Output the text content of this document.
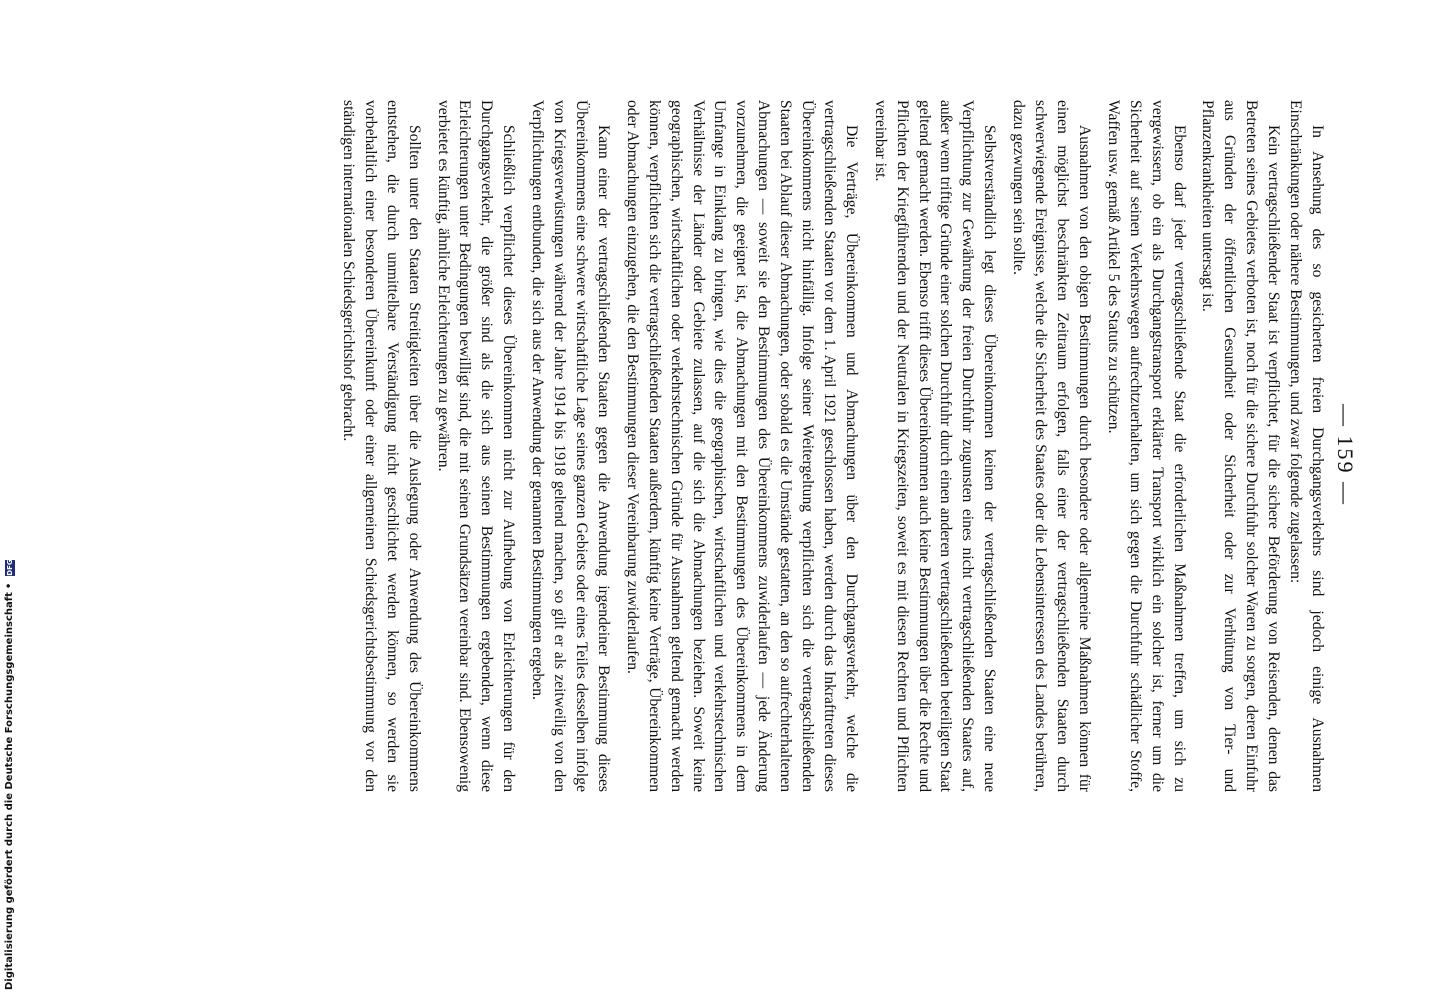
— 159 —

In Ansehung des so gesicherten freien Durchgangsverkehrs sind jedoch einige Ausnahmen Einschränkungen oder nähere Bestimmungen, und zwar folgende zugelassen:

Kein vertragschließender Staat ist verpflichtet, für die sichere Beförderung von Reisenden, denen das Betreten seines Gebietes verboten ist, noch für die sichere Durchfuhr solcher Waren zu sorgen, deren Einfuhr aus Gründen der öffentlichen Gesundheit oder Sicherheit oder zur Verhütung von Tier- und Pflanzenkrankheiten untersagt ist.

Ebenso darf jeder vertragschließende Staat die erforderlichen Maßnahmen treffen, um sich zu vergewissern, ob ein als Durchgangstransport erklärter Transport wirklich ein solcher ist, ferner um die Sicherheit auf seinen Verkehrswegen aufrechtzuerhalten, um sich gegen die Durchfuhr schädlicher Stoffe, Waffen usw. gemäß Artikel 5 des Statuts zu schützen.

Ausnahmen von den obigen Bestimmungen durch besondere oder allgemeine Maßnahmen können für einen möglichst beschränkten Zeitraum erfolgen, falls einer der vertragschließenden Staaten durch schwerwiegende Ereignisse, welche die Sicherheit des Staates oder die Lebensinteressen des Landes berühren, dazu gezwungen sein sollte.

Selbstverständlich legt dieses Übereinkommen keinen der vertragschließenden Staaten eine neue Verpflichtung zur Gewährung der freien Durchfuhr zugunsten eines nicht vertragschließenden Staates auf, außer wenn triftige Gründe einer solchen Durchfuhr durch einen anderen vertragschließenden beteiligten Staat geltend gemacht werden. Ebenso trifft dieses Übereinkommen auch keine Bestimmungen über die Rechte und Pflichten der Kriegführenden und der Neutralen in Kriegszeiten, soweit es mit diesen Rechten und Pflichten vereinbar ist.

Die Verträge, Übereinkommen und Abmachungen über den Durchgangsverkehr, welche die vertragschließenden Staaten vor dem 1. April 1921 geschlossen haben, werden durch das Inkrafttreten dieses Übereinkommens nicht hinfällig. Infolge seiner Weitergeltung verpflichten sich die vertragschließenden Staaten bei Ablauf dieser Abmachungen, oder sobald es die Umstände gestatten, an den so aufrechterhaltenen Abmachungen — soweit sie den Bestimmungen des Übereinkommens zuwiderlaufen — jede Änderung vorzunehmen, die geeignet ist, die Abmachungen mit den Bestimmungen des Übereinkommens in dem Umfange in Einklang zu bringen, wie dies die geographischen, wirtschaftlichen und verkehrstechnischen Verhältnisse der Länder oder Gebiete zulassen, auf die sich die Abmachungen beziehen. Soweit keine geographischen, wirtschaftlichen oder verkehrstechnischen Gründe für Ausnahmen geltend gemacht werden können, verpflichten sich die vertragschließenden Staaten außerdem, künftig keine Verträge, Übereinkommen oder Abmachungen einzugehen, die den Bestimmungen dieser Vereinbarung zuwiderlaufen.

Kann einer der vertragschließenden Staaten gegen die Anwendung irgendeiner Bestimmung dieses Übereinkommens eine schwere wirtschaftliche Lage seines ganzen Gebiets oder eines Teiles desselben infolge von Kriegsverwüstungen während der Jahre 1914 bis 1918 geltend machen, so gilt er als zeitweilig von den Verpflichtungen entbunden, die sich aus der Anwendung der genannten Bestimmungen ergeben.

Schließlich verpflichtet dieses Übereinkommen nicht zur Aufhebung von Erleichterungen für den Durchgangsverkehr, die größer sind als die sich aus seinen Bestimmungen ergebenden, wenn diese Erleichterungen unter Bedingungen bewilligt sind, die mit seinen Grundsätzen vereinbar sind. Ebensowenig verbietet es künftig, ähnliche Erleichterungen zu gewähren.

Sollten unter den Staaten Streitigkeiten über die Auslegung oder Anwendung des Übereinkommens entstehen, die durch unmittelbare Verständigung nicht geschlichtet werden können, so werden sie vorbehaltlich einer besonderen Übereinkunft oder einer allgemeinen Schiedsgerichtsbestimmung vor den ständigen internationalen Schiedsgerichtshof gebracht.

Digitalisierung gefördert durch die Deutsche Forschungsgemeinschaft
•
DFG
